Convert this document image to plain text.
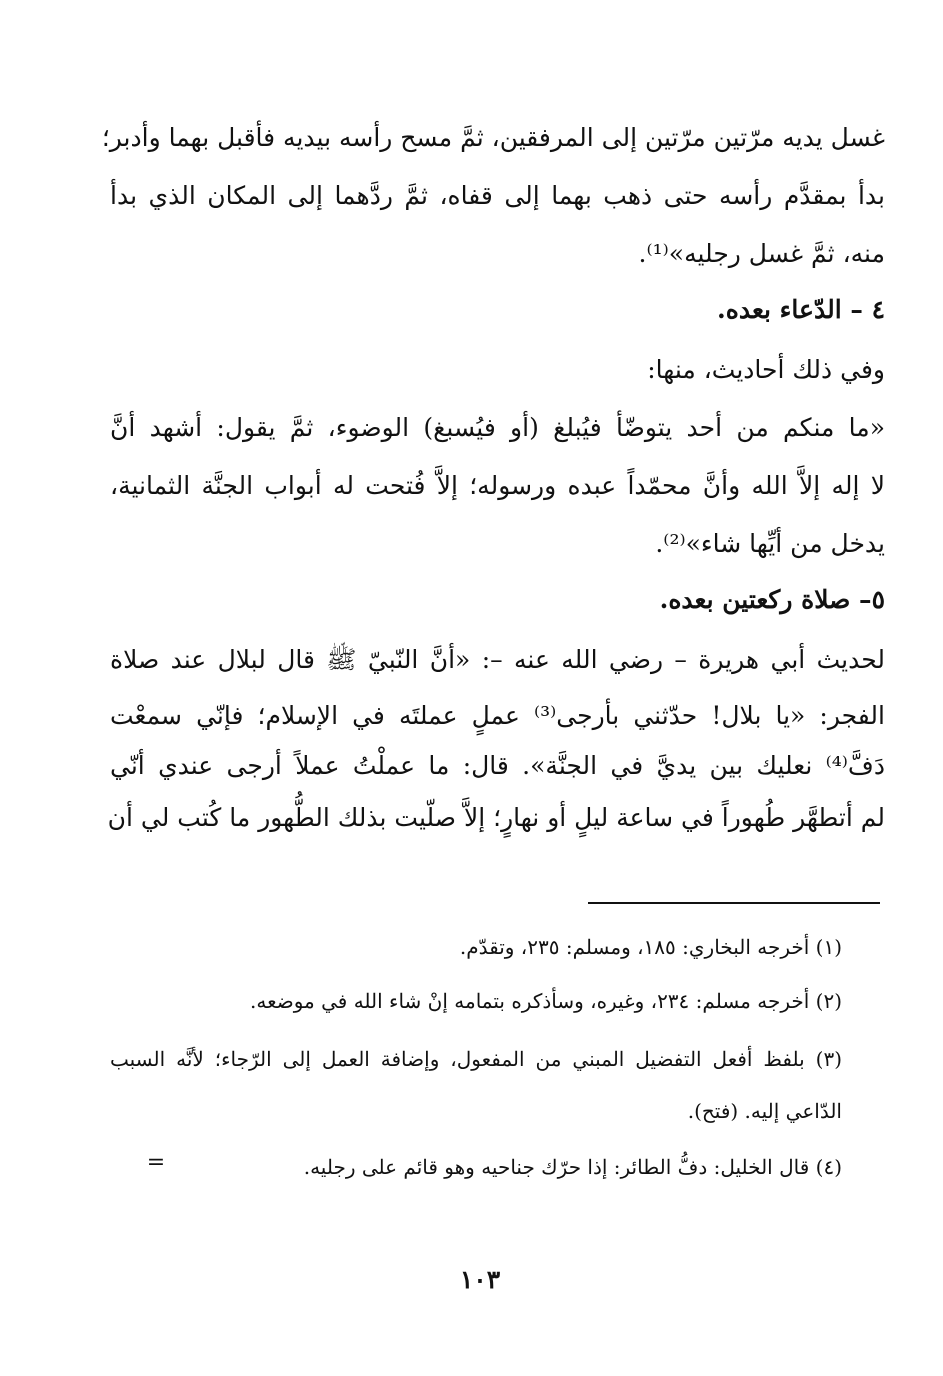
غسل يديه مرّتين مرّتين إلى المرفقين، ثمَّ مسح رأسه بيديه فأقبل بهما وأدبر؛
بدأ بمقدَّم رأسه حتى ذهب بهما إلى قفاه، ثمَّ ردَّهما إلى المكان الذي بدأ
منه، ثمَّ غسل رجليه»⁽¹⁾.
٤ – الدّعاء بعده.
وفي ذلك أحاديث، منها:
«ما منكم من أحد يتوضّأ فيُبلغ (أو فيُسبغ) الوضوء، ثمَّ يقول: أشهد أنَّ
لا إله إلاَّ الله وأنَّ محمّداً عبده ورسوله؛ إلاَّ فُتحت له أبواب الجنَّة الثمانية،
يدخل من أيِّها شاء»⁽²⁾.
٥– صلاة ركعتين بعده.
لحديث أبي هريرة – رضي الله عنه –: «أنَّ النّبيّ ﷺ قال لبلال عند صلاة
الفجر: «يا بلال! حدّثني بأرجى⁽³⁾ عملٍ عملتَه في الإسلام؛ فإنّي سمعْت
دَفَّ⁽⁴⁾ نعليك بين يديَّ في الجنَّة». قال: ما عملْتُ عملاً أرجى عندي أنّي
لم أتطهَّر طُهوراً في ساعة ليلٍ أو نهارٍ؛ إلاَّ صلّيت بذلك الطُّهور ما كُتب لي أن
(١) أخرجه البخاري: ١٨٥، ومسلم: ٢٣٥، وتقدّم.
(٢) أخرجه مسلم: ٢٣٤، وغيره، وسأذكره بتمامه إنْ شاء الله في موضعه.
(٣) بلفظ أفعل التفضيل المبني من المفعول، وإضافة العمل إلى الرّجاء؛ لأنَّه السبب
الدّاعي إليه. (فتح).
(٤) قال الخليل: دفُّ الطائر: إذا حرّك جناحيه وهو قائم على رجليه.
=
١٠٣
